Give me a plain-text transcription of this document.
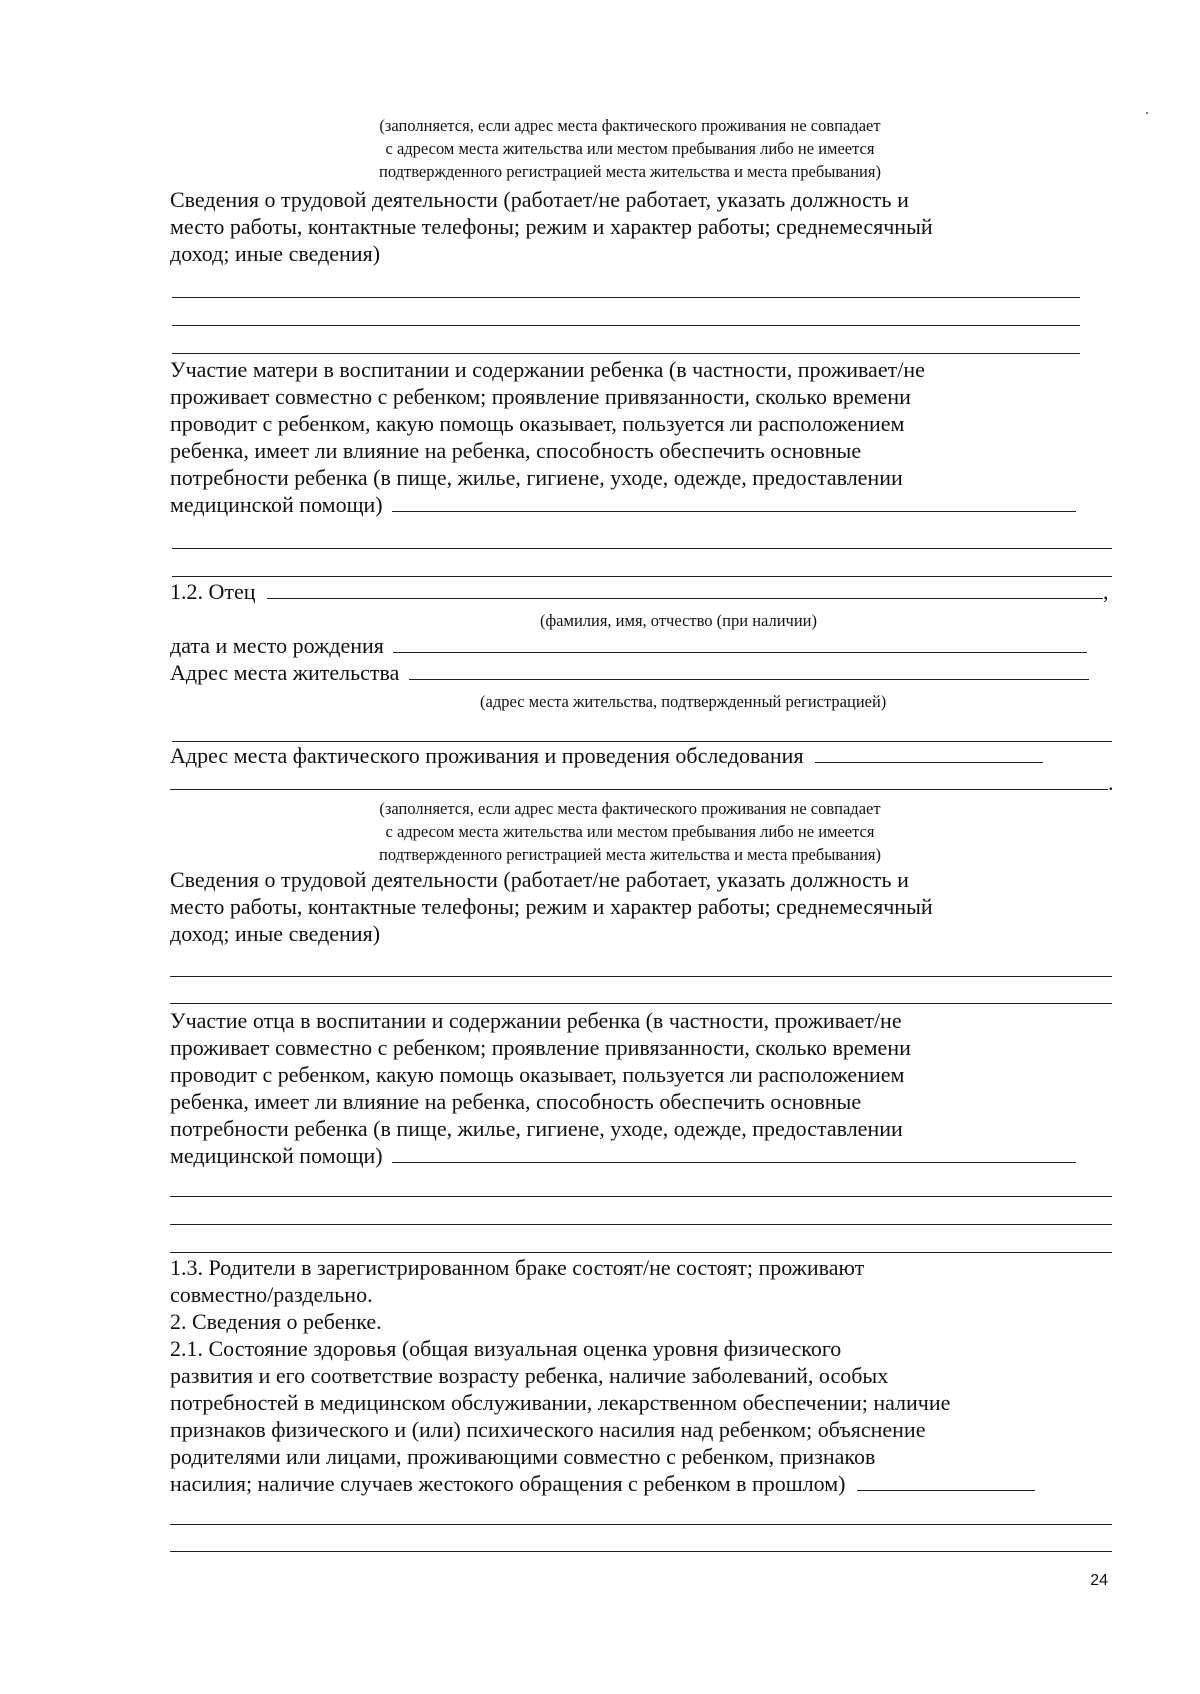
(заполняется, если адрес места фактического проживания не совпадает

с адресом места жительства или местом пребывания либо не имеется

подтвержденного регистрацией места жительства и места пребывания)

Сведения о трудовой деятельности (работает/не работает, указать должность и

место работы, контактные телефоны; режим и характер работы; среднемесячный

доход; иные сведения)

Участие матери в воспитании и содержании ребенка (в частности, проживает/не

проживает совместно с ребенком; проявление привязанности, сколько времени

проводит с ребенком, какую помощь оказывает, пользуется ли расположением

ребенка, имеет ли влияние на ребенка, способность обеспечить основные

потребности ребенка (в пище, жилье, гигиене, уходе, одежде, предоставлении

медицинской помощи)
1.2. Отец	,

(фамилия, имя, отчество (при наличии)

дата и место рождения
Адрес места жительства

(адрес места жительства, подтвержденный регистрацией)

Адрес места фактического проживания и проведения обследования
.

(заполняется, если адрес места фактического проживания не совпадает

с адресом места жительства или местом пребывания либо не имеется

подтвержденного регистрацией места жительства и места пребывания)

Сведения о трудовой деятельности (работает/не работает, указать должность и

место работы, контактные телефоны; режим и характер работы; среднемесячный

доход; иные сведения)

Участие отца в воспитании и содержании ребенка (в частности, проживает/не

проживает совместно с ребенком; проявление привязанности, сколько времени

проводит с ребенком, какую помощь оказывает, пользуется ли расположением

ребенка, имеет ли влияние на ребенка, способность обеспечить основные

потребности ребенка (в пище, жилье, гигиене, уходе, одежде, предоставлении

медицинской помощи)

1.3. Родители в зарегистрированном браке состоят/не состоят; проживают

совместно/раздельно.

2. Сведения о ребенке.

2.1. Состояние здоровья (общая визуальная оценка уровня физического

развития и его соответствие возрасту ребенка, наличие заболеваний, особых

потребностей в медицинском обслуживании, лекарственном обеспечении; наличие

признаков физического и (или) психического насилия над ребенком; объяснение

родителями или лицами, проживающими совместно с ребенком, признаков

насилия; наличие случаев жестокого обращения с ребенком в прошлом)
24
